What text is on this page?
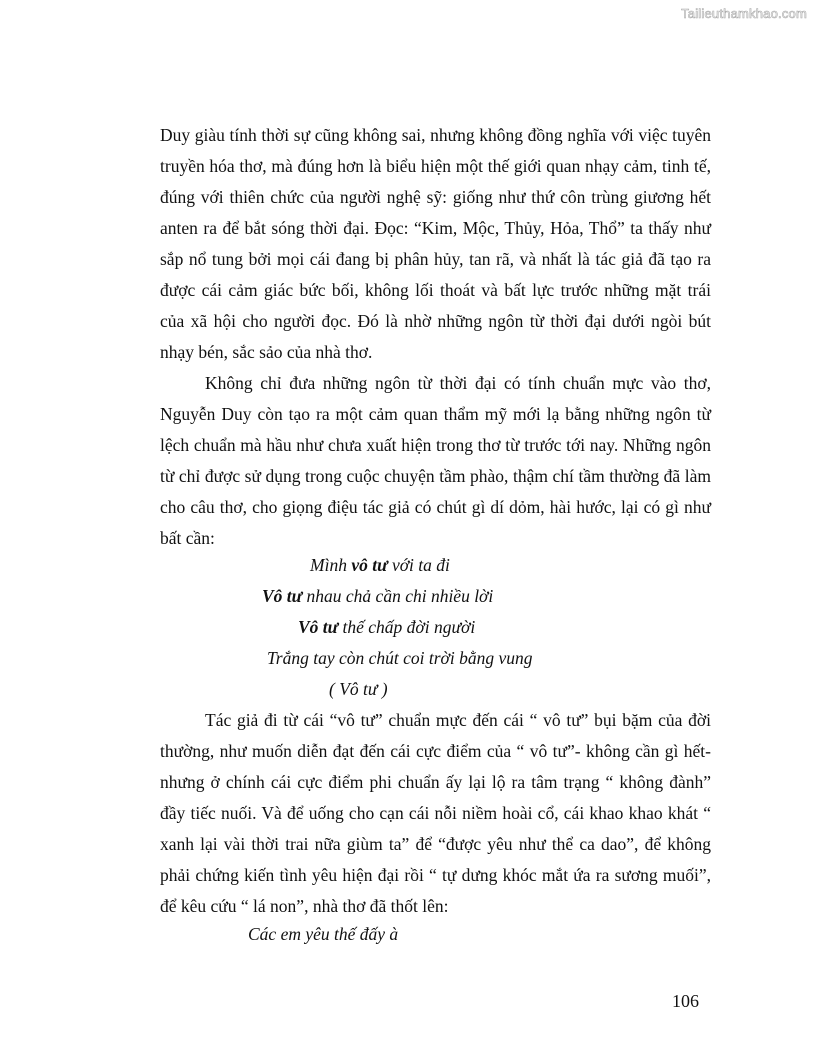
Tailieuthamkhao.com
Duy giàu tính thời sự cũng không sai, nhưng không đồng nghĩa với việc tuyên
truyền hóa thơ, mà đúng hơn là biểu hiện một thế giới quan nhạy cảm, tinh tế,
đúng với thiên chức của người nghệ sỹ: giống như thứ côn trùng giương hết
anten ra để bắt sóng thời đại. Đọc: “Kim, Mộc, Thủy, Hỏa, Thổ” ta thấy như
sắp nổ tung bởi mọi cái đang bị phân hủy, tan rã, và nhất là tác giả đã tạo ra
được cái cảm giác bức bối, không lối thoát và bất lực trước những mặt trái
của xã hội cho người đọc. Đó là nhờ những ngôn từ thời đại dưới ngòi bút
nhạy bén, sắc sảo của nhà thơ.
Không chỉ đưa những ngôn từ thời đại có tính chuẩn mực vào thơ,
Nguyễn Duy còn tạo ra một cảm quan thẩm mỹ mới lạ bằng những ngôn từ
lệch chuẩn mà hầu như chưa xuất hiện trong thơ từ trước tới nay. Những ngôn
từ chỉ được sử dụng trong cuộc chuyện tầm phào, thậm chí tầm thường đã làm
cho câu thơ, cho giọng điệu tác giả có chút gì dí dỏm, hài hước, lại có gì như
bất cần:
Mình vô tư với ta đi
Vô tư nhau chả cần chi nhiều lời
Vô tư thế chấp đời người
Trắng tay còn chút coi trời bằng vung
( Vô tư )
Tác giả đi từ cái “vô tư” chuẩn mực đến cái “ vô tư” bụi bặm của đời
thường, như muốn diễn đạt đến cái cực điểm của “ vô tư”- không cần gì hết-
nhưng ở chính cái cực điểm phi chuẩn ấy lại lộ ra tâm trạng “ không đành”
đầy tiếc nuối. Và để uống cho cạn cái nỗi niềm hoài cổ, cái khao khao khát “
xanh lại vài thời trai nữa giùm ta” để “được yêu như thể ca dao”, để không
phải chứng kiến tình yêu hiện đại rồi “ tự dưng khóc mắt ứa ra sương muối”,
để kêu cứu “ lá non”, nhà thơ đã thốt lên:
Các em yêu thế đấy à
106
